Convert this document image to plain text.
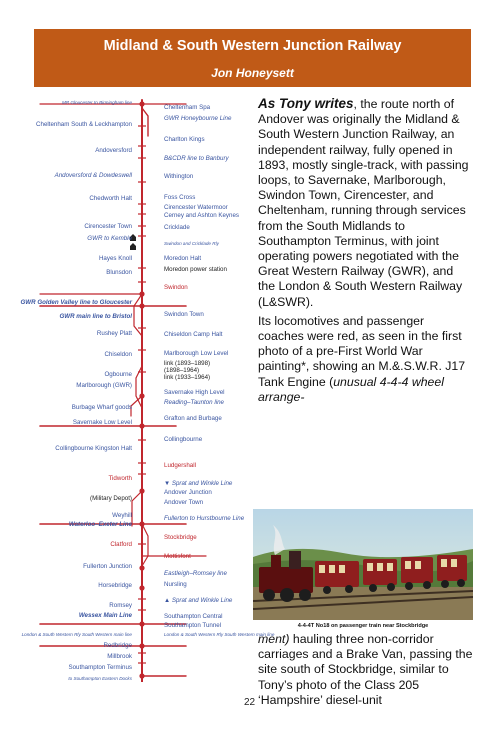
Midland & South Western Junction Railway
Jon Honeysett
MR Gloucester to Birmingham line
Cheltenham South & Leckhampton
Andoversford
Andoversford & Dowdeswell
Chedworth Halt
Cirencester Town
GWR to Kemble
Hayes Knoll
Blunsdon
GWR Golden Valley line to Gloucester
GWR main line to Bristol
Rushey Platt
Chiseldon
Ogbourne
Marlborough (GWR)
Burbage Wharf goods
Savernake Low Level
Collingbourne Kingston Halt
Tidworth
(Military Depot)
Weyhill
Waterloo–Exeter Line
Clatford
Fullerton Junction
Horsebridge
Romsey
Wessex Main Line
London & South Western Rly South Western main line
Redbridge
Millbrook
Southampton Terminus
to Southampton Eastern Docks
Cheltenham Spa
GWR Honeybourne Line
Charlton Kings
B&CDR line to Banbury
Withington
Foss Cross
Cirencester Watermoor
Cerney and Ashton Keynes
Cricklade
Swindon and Cricklade Rly
Moredon Halt
Moredon power station
Swindon
Swindon Town
Chiseldon Camp Halt
Marlborough Low Level
link (1893–1898)
(1898–1964)
link (1933–1964)
Savernake High Level
Reading–Taunton line
Grafton and Burbage
Collingbourne
Ludgershall
▼ Sprat and Winkle Line
Andover Junction
Andover Town
Fullerton to Hurstbourne Line
Stockbridge
Mottisfont
Eastleigh–Romsey line
Nursling
▲ Sprat and Winkle Line
Southampton Central
Southampton Tunnel
London & South Western Rly South Western main line

As Tony writes, the route north of Andover was originally the Midland & South Western Junction Railway, an independent railway, fully opened in 1893, mostly single-track, with passing loops, to Savernake, Marlborough, Swindon Town, Cirencester, and Cheltenham, running through services from the South Midlands to Southampton Terminus, with joint operating powers negotiated with the Great Western Railway (GWR), and the London & South Western Railway (L&SWR).

Its locomotives and passenger coaches were red, as seen in the first photo of a pre-First World War painting*, showing an M.&.S.W.R. J17 Tank Engine (unusual 4-4-4 wheel arrange-

4-4-4T No18 on passenger train near Stockbridge

ment) hauling three non-corridor carriages and a Brake Van, passing the site south of Stockbridge, similar to Tony’s photo of the Class 205 ‘Hampshire’ diesel-unit

22
